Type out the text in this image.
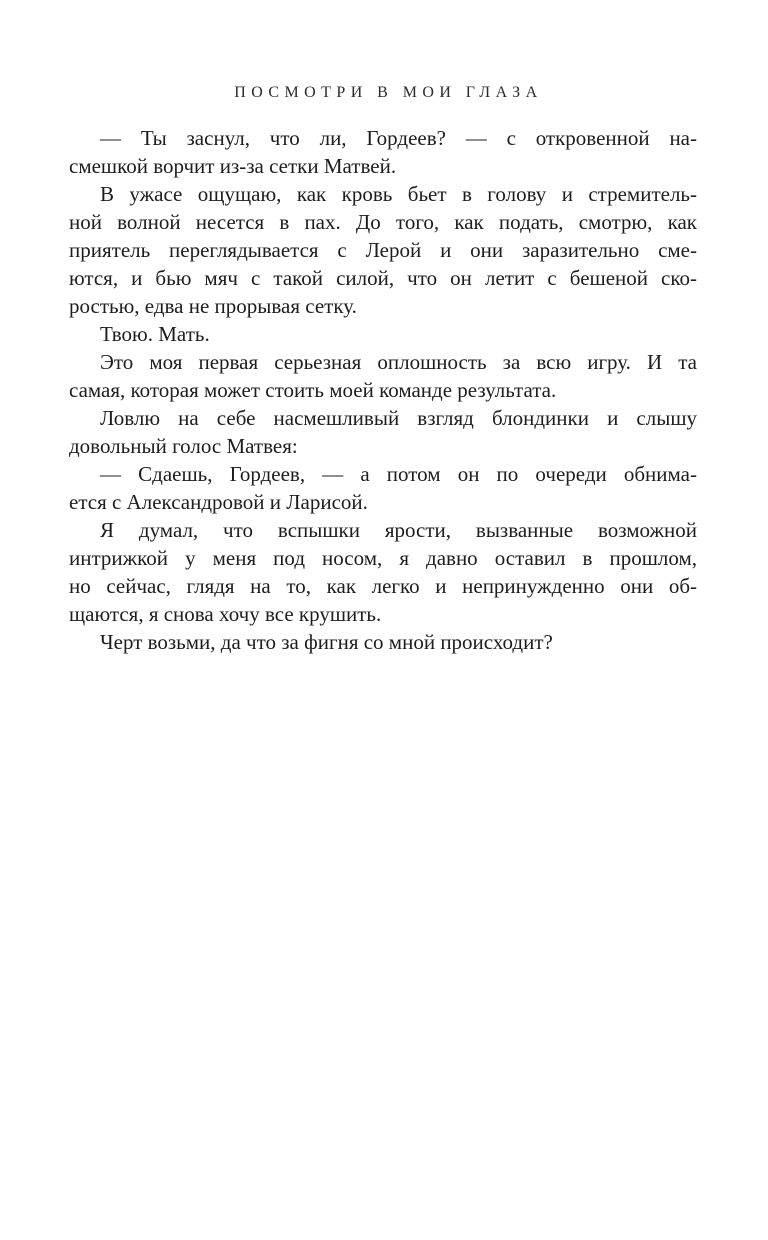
ПОСМОТРИ В МОИ ГЛАЗА
— Ты заснул, что ли, Гордеев? — с откровенной на-
смешкой ворчит из-за сетки Матвей.
В ужасе ощущаю, как кровь бьет в голову и стремитель-
ной волной несется в пах. До того, как подать, смотрю, как
приятель переглядывается с Лерой и они заразительно сме-
ются, и бью мяч с такой силой, что он летит с бешеной ско-
ростью, едва не прорывая сетку.
Твою. Мать.
Это моя первая серьезная оплошность за всю игру. И та
самая, которая может стоить моей команде результата.
Ловлю на себе насмешливый взгляд блондинки и слышу
довольный голос Матвея:
— Сдаешь, Гордеев, — а потом он по очереди обнима-
ется с Александровой и Ларисой.
Я думал, что вспышки ярости, вызванные возможной
интрижкой у меня под носом, я давно оставил в прошлом,
но сейчас, глядя на то, как легко и непринужденно они об-
щаются, я снова хочу все крушить.
Черт возьми, да что за фигня со мной происходит?
